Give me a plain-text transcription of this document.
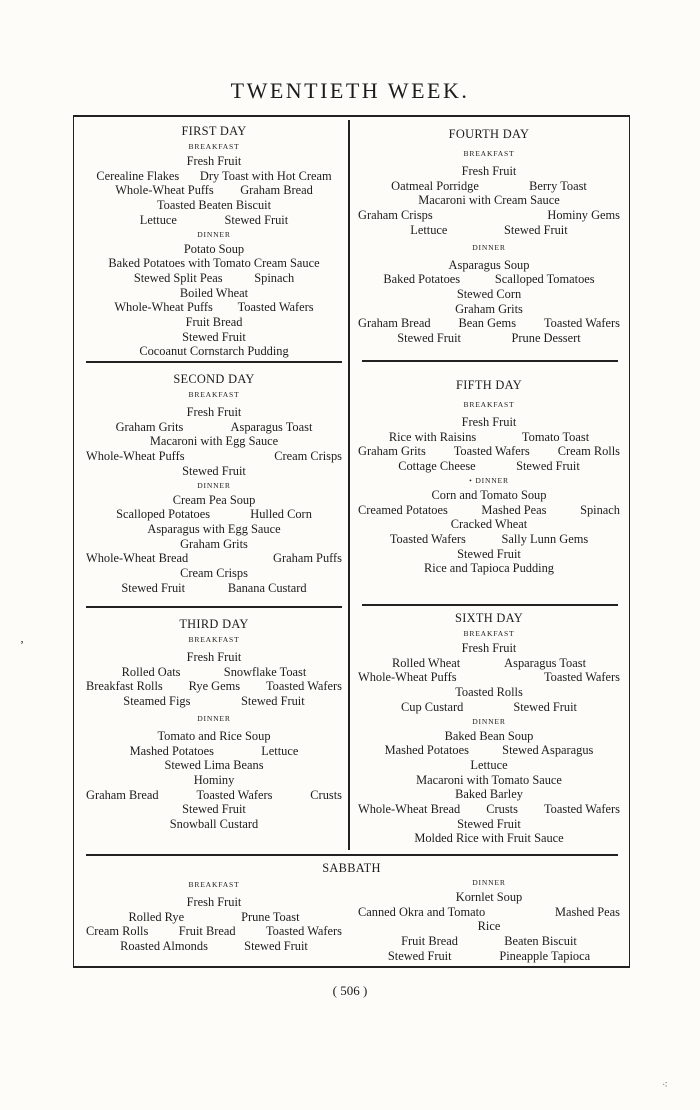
TWENTIETH WEEK.
FIRST DAY
BREAKFAST
Fresh Fruit
Cerealine Flakes Dry Toast with Hot Cream
Whole-Wheat Puffs Graham Bread
Toasted Beaten Biscuit
Lettuce	Stewed Fruit
DINNER
Potato Soup
Baked Potatoes with Tomato Cream Sauce
Stewed Split Peas	Spinach
Boiled Wheat
Whole-Wheat Puffs Toasted Wafers
Fruit Bread
Stewed Fruit
Cocoanut Cornstarch Pudding
SECOND DAY
BREAKFAST
Fresh Fruit
Graham Grits	Asparagus Toast
Macaroni with Egg Sauce
Whole-Wheat Puffs	Cream Crisps
Stewed Fruit
DINNER
Cream Pea Soup
Scalloped Potatoes	Hulled Corn
Asparagus with Egg Sauce
Graham Grits
Whole-Wheat Bread	Graham Puffs
Cream Crisps
Stewed Fruit	Banana Custard
THIRD DAY
BREAKFAST
Fresh Fruit
Rolled Oats	Snowflake Toast
Breakfast Rolls Rye Gems Toasted Wafers
Steamed Figs	Stewed Fruit
DINNER
Tomato and Rice Soup
Mashed Potatoes	Lettuce
Stewed Lima Beans
Hominy
Graham Bread	Toasted Wafers	Crusts
Stewed Fruit
Snowball Custard
FOURTH DAY
BREAKFAST
Fresh Fruit
Oatmeal Porridge	Berry Toast
Macaroni with Cream Sauce
Graham Crisps	Hominy Gems
Lettuce	Stewed Fruit
DINNER
Asparagus Soup
Baked Potatoes	Scalloped Tomatoes
Stewed Corn
Graham Grits
Graham Bread Bean Gems Toasted Wafers
Stewed Fruit	Prune Dessert
FIFTH DAY
BREAKFAST
Fresh Fruit
Rice with Raisins	Tomato Toast
Graham Grits Toasted Wafers Cream Rolls
Cottage Cheese	Stewed Fruit
• DINNER
Corn and Tomato Soup
Creamed Potatoes	Mashed Peas	Spinach
Cracked Wheat
Toasted Wafers	Sally Lunn Gems
Stewed Fruit
Rice and Tapioca Pudding
SIXTH DAY
BREAKFAST
Fresh Fruit
Rolled Wheat	Asparagus Toast
Whole-Wheat Puffs	Toasted Wafers
Toasted Rolls
Cup Custard	Stewed Fruit
DINNER
Baked Bean Soup
Mashed Potatoes	Stewed Asparagus
Lettuce
Macaroni with Tomato Sauce
Baked Barley
Whole-Wheat Bread Crusts Toasted Wafers
Stewed Fruit
Molded Rice with Fruit Sauce
SABBATH
BREAKFAST
Fresh Fruit
Rolled Rye	Prune Toast
Cream Rolls Fruit Bread Toasted Wafers
Roasted Almonds	Stewed Fruit
DINNER
Kornlet Soup
Canned Okra and Tomato	Mashed Peas
Rice
Fruit Bread	Beaten Biscuit
Stewed Fruit	Pineapple Tapioca
( 506 )
ʼ
⁖
